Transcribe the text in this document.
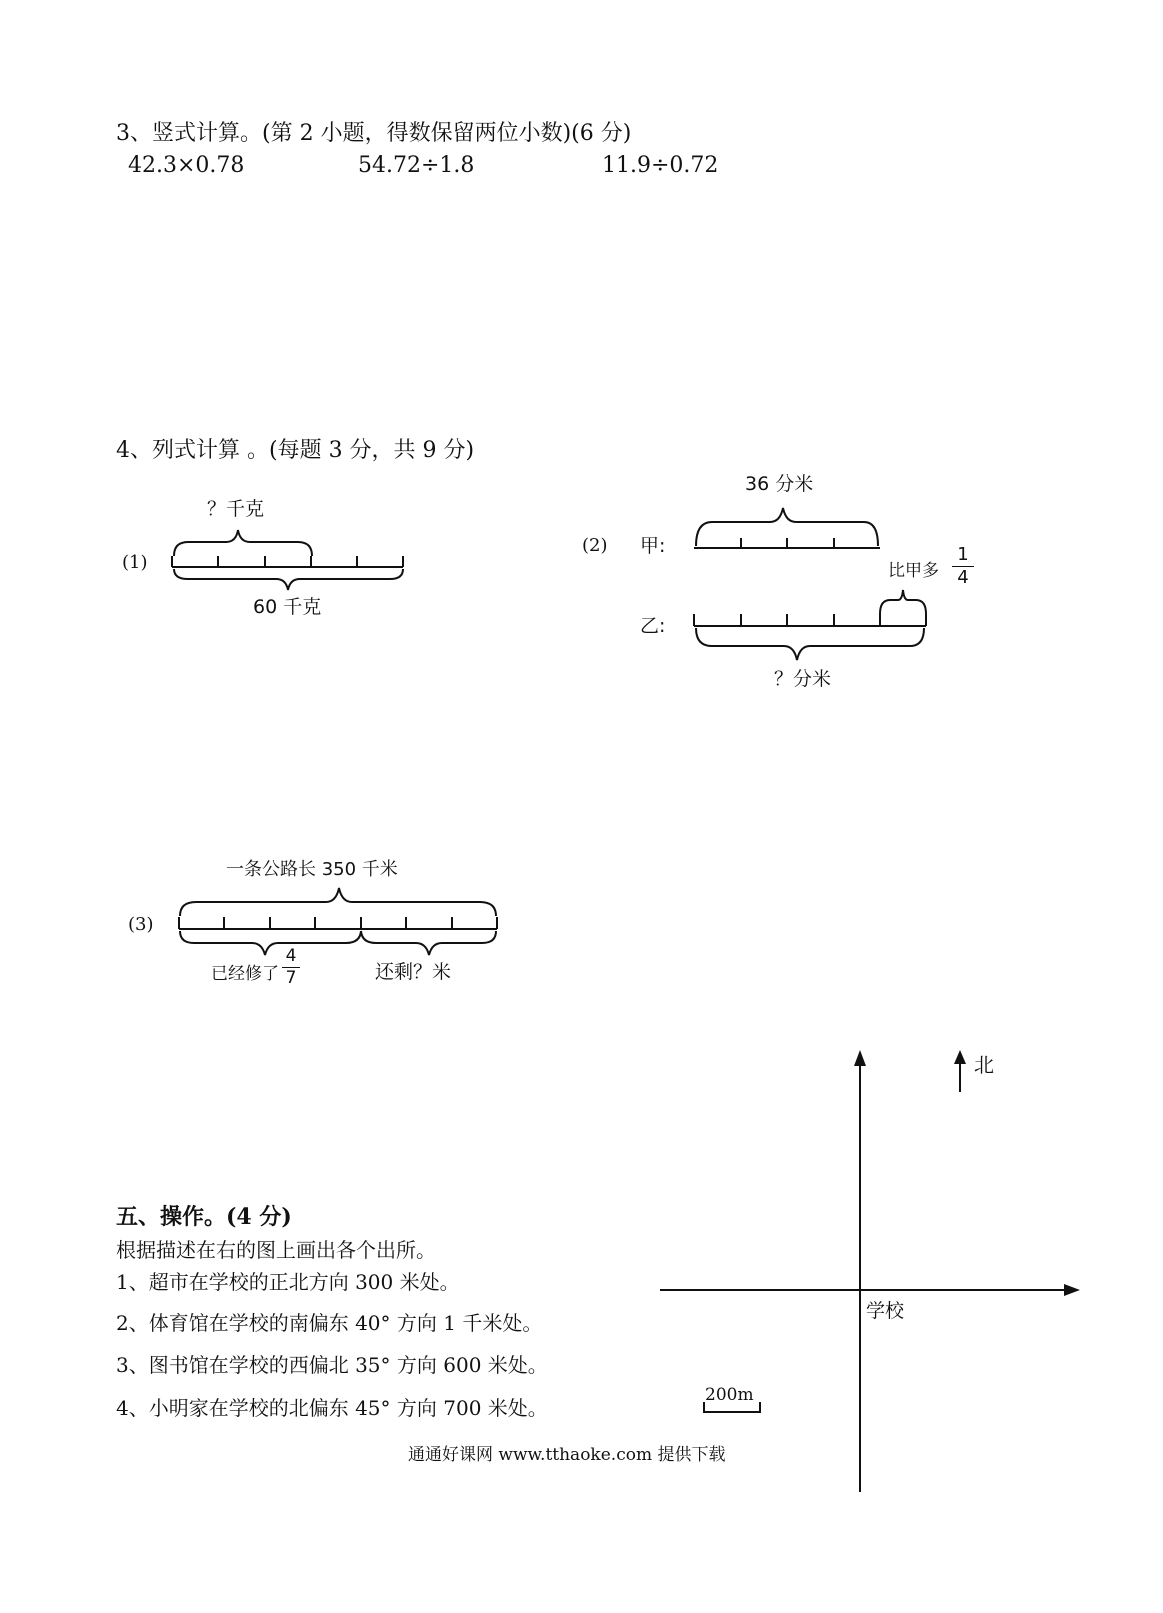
3、竖式计算。(第 2 小题，得数保留两位小数)(6 分)
42.3×0.78	54.72÷1.8	11.9÷0.72
4、列式计算 。(每题 3 分，共 9 分)
(1)
？千克
60 千克
(2) 甲:
36 分米
比甲多
1
4
乙:
？分米
(3)
一条公路长 350 千米
已经修了
4
7	还剩？米
五、操作。(4 分)
根据描述在右的图上画出各个出所。
1、超市在学校的正北方向 300 米处。
2、体育馆在学校的南偏东 40° 方向 1 千米处。
3、图书馆在学校的西偏北 35° 方向 600 米处。
4、小明家在学校的北偏东 45° 方向 700 米处。
北
学校
200m
通通好课网 www.tthaoke.com 提供下载
